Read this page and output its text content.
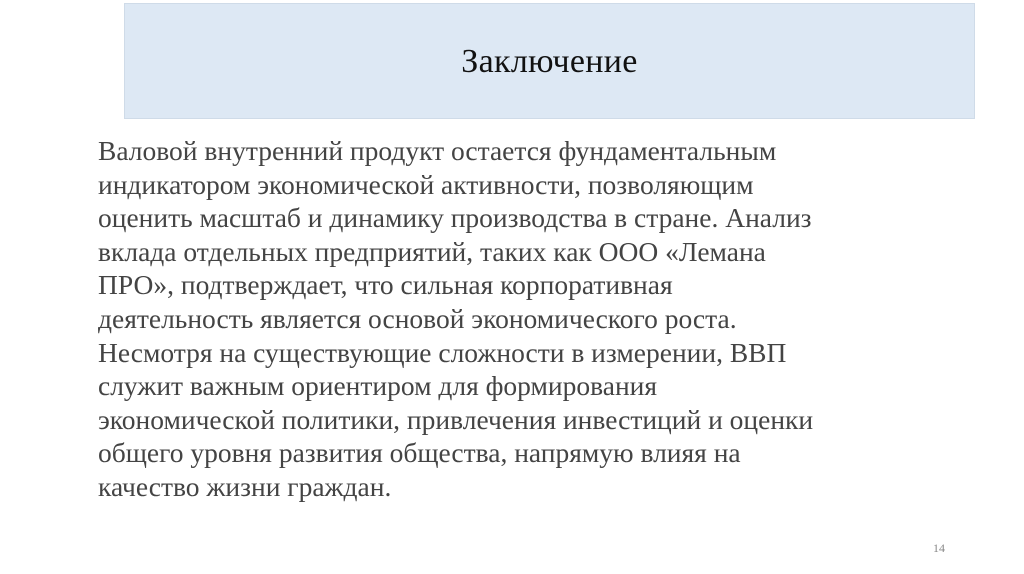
Заключение

Валовой внутренний продукт остается фундаментальным
индикатором экономической активности, позволяющим
оценить масштаб и динамику производства в стране. Анализ
вклада отдельных предприятий, таких как ООО «Лемана
ПРО», подтверждает, что сильная корпоративная
деятельность является основой экономического роста.
Несмотря на существующие сложности в измерении, ВВП
служит важным ориентиром для формирования
экономической политики, привлечения инвестиций и оценки
общего уровня развития общества, напрямую влияя на
качество жизни граждан.

14
